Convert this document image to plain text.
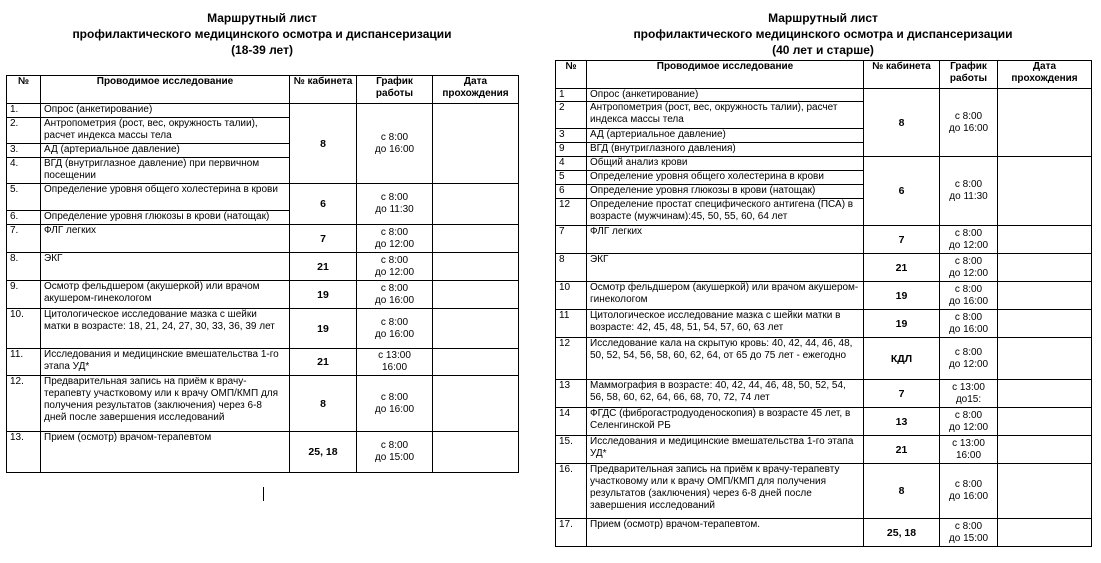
Маршрутный лист
профилактического медицинского осмотра и диспансеризации
(18-39 лет)
№	Проводимое исследование	№ кабинета	График работы	Дата прохождения
1.	Опрос (анкетирование)	8	с 8:00
до 16:00	

2.	Антропометрия (рост, вес, окружность талии), расчет индекса массы тела			
3.	АД (артериальное давление)			
4.	ВГД (внутриглазное давление) при первичном посещении			
5.	Определение уровня общего холестерина в крови	6	с 8:00
до 11:30	

6.	Определение уровня глюкозы в крови (натощак)			
7.	ФЛГ легких	7	с 8:00
до 12:00	

8.	ЭКГ	21	с 8:00
до 12:00	

9.	Осмотр фельдшером (акушеркой) или врачом акушером-гинекологом	19	с 8:00
до 16:00	

10.	Цитологическое исследование мазка с шейки матки в возрасте: 18, 21, 24, 27, 30, 33, 36, 39 лет	19	с 8:00
до 16:00	

11.	Исследования и медицинские вмешательства 1-го этапа УД*	21	с 13:00
16:00	

12.	Предварительная запись на приём к врачу-терапевту участковому или к врачу ОМП/КМП для получения результатов (заключения) через 6-8 дней после завершения исследований	8	с 8:00
до 16:00	

13.	Прием (осмотр) врачом-терапевтом	25, 18	с 8:00
до 15:00	

Маршрутный лист
профилактического медицинского осмотра и диспансеризации
(40 лет и старше)
№	Проводимое исследование	№ кабинета	График работы	Дата прохождения
1	Опрос (анкетирование)	8	с 8:00
до 16:00	

2	Антропометрия (рост, вес, окружность талии), расчет индекса массы тела			
3	АД (артериальное давление)			
9	ВГД (внутриглазного давления)			
4	Общий анализ крови	6	с 8:00
до 11:30	

5	Определение уровня общего холестерина в крови			
6	Определение уровня глюкозы в крови (натощак)			
12	Определение простат специфического антигена (ПСА) в возрасте (мужчинам):45, 50, 55, 60, 64 лет			
7	ФЛГ легких	7	с 8:00
до 12:00	

8	ЭКГ	21	с 8:00
до 12:00	

10	Осмотр фельдшером (акушеркой) или врачом акушером-гинекологом	19	с 8:00
до 16:00	

11	Цитологическое исследование мазка с шейки матки в возрасте: 42, 45, 48, 51, 54, 57, 60, 63 лет	19	с 8:00
до 16:00	

12	Исследование кала на скрытую кровь: 40, 42, 44, 46, 48, 50, 52, 54, 56, 58, 60, 62, 64, от 65 до 75 лет - ежегодно	КДЛ	с 8:00
до 12:00	

13	Маммография в возрасте: 40, 42, 44, 46, 48, 50, 52, 54, 56, 58, 60, 62, 64, 66, 68, 70, 72, 74 лет	7	с 13:00
до15:	

14	ФГДС (фиброгастродуоденоскопия) в возрасте 45 лет, в Селенгинской РБ	13	с 8:00
до 12:00	

15.	Исследования и медицинские вмешательства 1-го этапа УД*	21	с 13:00
16:00	

16.	Предварительная запись на приём к врачу-терапевту участковому или к врачу ОМП/КМП для получения результатов (заключения) через 6-8 дней после завершения исследований	8	с 8:00
до 16:00	

17.	Прием (осмотр) врачом-терапевтом.	25, 18	с 8:00
до 15:00	
